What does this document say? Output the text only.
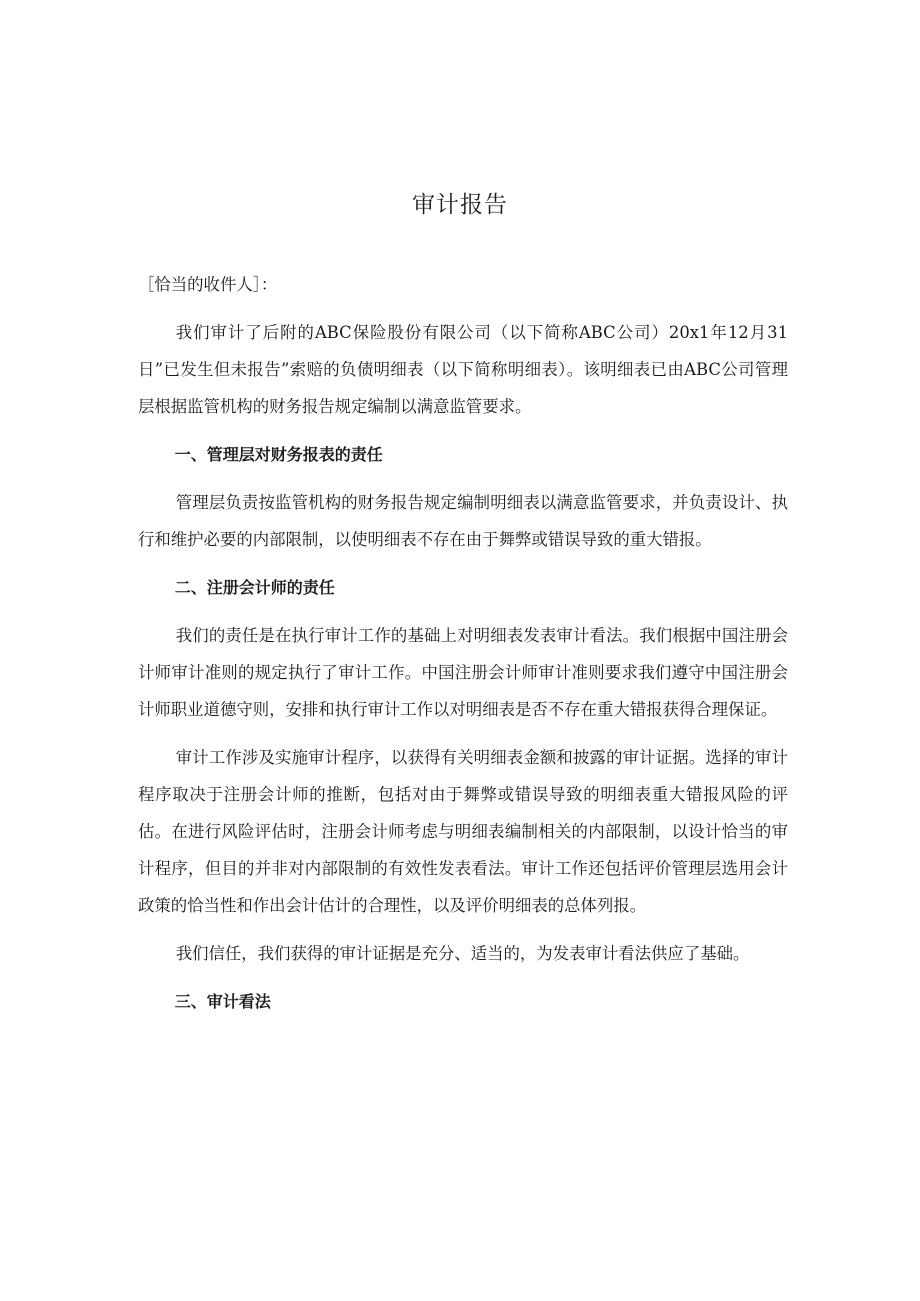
审计报告

［恰当的收件人］：

我们审计了后附的ABC保险股份有限公司（以下简称ABC公司）20x1年12月31日”已发生但未报告”索赔的负债明细表（以下简称明细表）。该明细表已由ABC公司管理层根据监管机构的财务报告规定编制以满意监管要求。

一、管理层对财务报表的责任

管理层负责按监管机构的财务报告规定编制明细表以满意监管要求，并负责设计、执行和维护必要的内部限制，以使明细表不存在由于舞弊或错误导致的重大错报。

二、注册会计师的责任

我们的责任是在执行审计工作的基础上对明细表发表审计看法。我们根据中国注册会计师审计准则的规定执行了审计工作。中国注册会计师审计准则要求我们遵守中国注册会计师职业道德守则，安排和执行审计工作以对明细表是否不存在重大错报获得合理保证。

审计工作涉及实施审计程序，以获得有关明细表金额和披露的审计证据。选择的审计程序取决于注册会计师的推断，包括对由于舞弊或错误导致的明细表重大错报风险的评估。在进行风险评估时，注册会计师考虑与明细表编制相关的内部限制，以设计恰当的审计程序，但目的并非对内部限制的有效性发表看法。审计工作还包括评价管理层选用会计政策的恰当性和作出会计估计的合理性，以及评价明细表的总体列报。

我们信任，我们获得的审计证据是充分、适当的，为发表审计看法供应了基础。

三、审计看法
